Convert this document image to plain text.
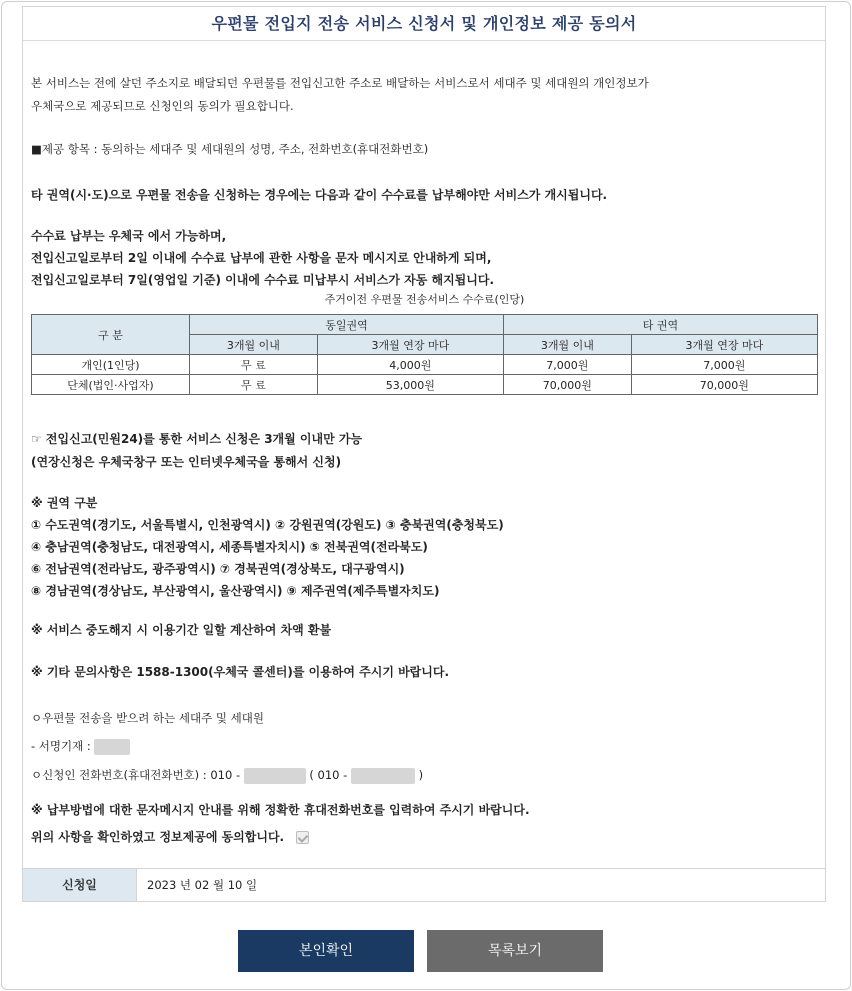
우편물 전입지 전송 서비스 신청서 및 개인정보 제공 동의서
본 서비스는 전에 살던 주소지로 배달되던 우편물를 전입신고한 주소로 배달하는 서비스로서 세대주 및 세대원의 개인정보가
우체국으로 제공되므로 신청인의 동의가 필요합니다.
■제공 항목 : 동의하는 세대주 및 세대원의 성명, 주소, 전화번호(휴대전화번호)
타 권역(시·도)으로 우편물 전송을 신청하는 경우에는 다음과 같이 수수료를 납부해야만 서비스가 개시됩니다.
수수료 납부는 우체국 에서 가능하며,
전입신고일로부터 2일 이내에 수수료 납부에 관한 사항을 문자 메시지로 안내하게 되며,
전입신고일로부터 7일(영업일 기준) 이내에 수수료 미납부시 서비스가 자동 해지됩니다.
주거이전 우편물 전송서비스 수수료(인당)
구 분	동일권역		타 권역	
	3개월 이내	3개월 연장 마다	3개월 이내	3개월 연장 마다
개인(1인당)	무 료	4,000원	7,000원	7,000원
단체(법인·사업자)	무 료	53,000원	70,000원	70,000원
☞ 전입신고(민원24)를 통한 서비스 신청은 3개월 이내만 가능
(연장신청은 우체국창구 또는 인터넷우체국을 통해서 신청)
※ 권역 구분
① 수도권역(경기도, 서울특별시, 인천광역시) ② 강원권역(강원도) ③ 충북권역(충청북도)
④ 충남권역(충청남도, 대전광역시, 세종특별자치시) ⑤ 전북권역(전라북도)
⑥ 전남권역(전라남도, 광주광역시) ⑦ 경북권역(경상북도, 대구광역시)
⑧ 경남권역(경상남도, 부산광역시, 울산광역시) ⑨ 제주권역(제주특별자치도)
※ 서비스 중도해지 시 이용기간 일할 계산하여 차액 환불
※ 기타 문의사항은 1588-1300(우체국 콜센터)를 이용하여 주시기 바랍니다.
ㅇ우편물 전송을 받으려 하는 세대주 및 세대원
- 서명기재 :
ㅇ신청인 전화번호(휴대전화번호) : 010 -	( 010 -	)
※ 납부방법에 대한 문자메시지 안내를 위해 정확한 휴대전화번호를 입력하여 주시기 바랍니다.
위의 사항을 확인하였고 정보제공에 동의합니다.
신청일	2023 년 02 월 10 일
본인확인	목록보기
